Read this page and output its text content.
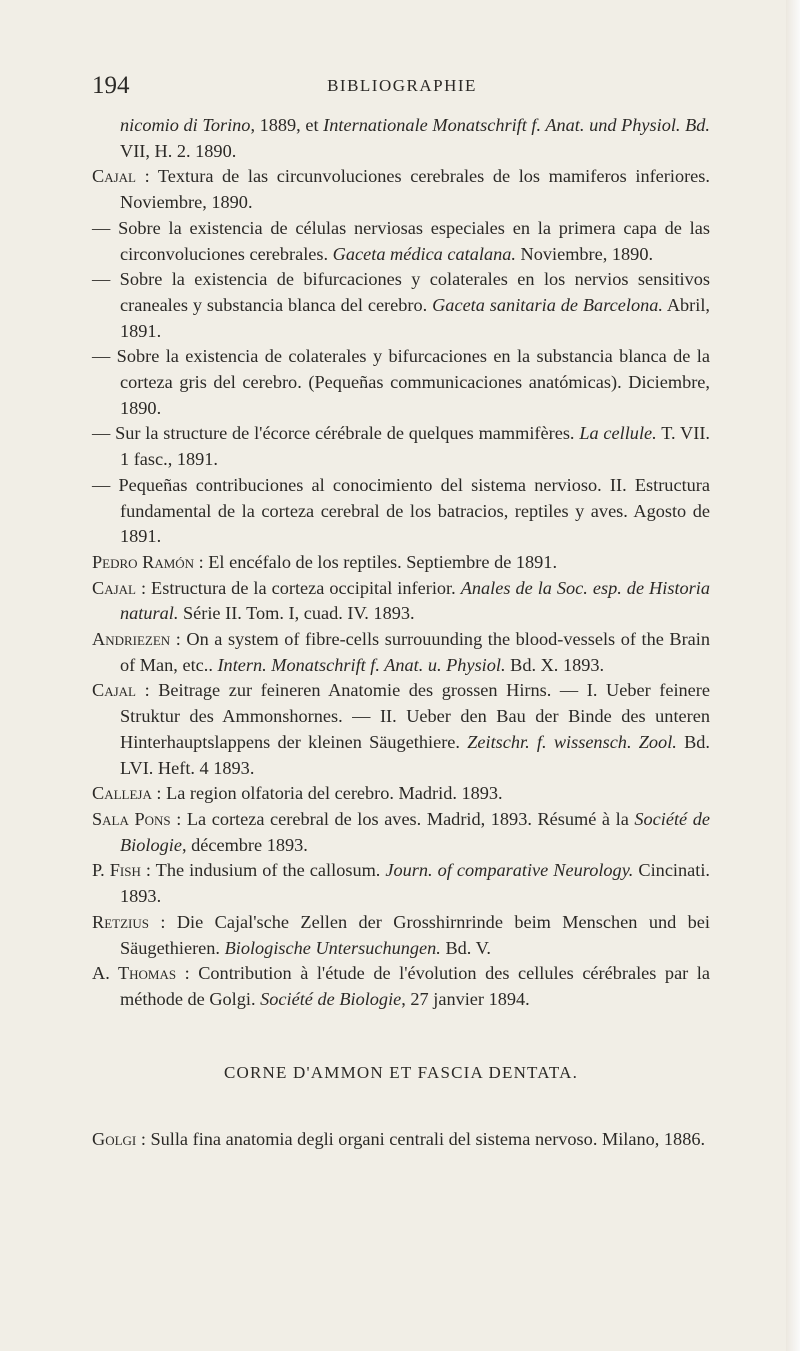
194	BIBLIOGRAPHIE
nicomio di Torino, 1889, et Internationale Monatschrift f. Anat. und Physiol. Bd. VII, H. 2. 1890.
Cajal : Textura de las circunvoluciones cerebrales de los mamiferos inferiores. Noviembre, 1890.
— Sobre la existencia de células nerviosas especiales en la primera capa de las circonvoluciones cerebrales. Gaceta médica catalana. Noviembre, 1890.
— Sobre la existencia de bifurcaciones y colaterales en los nervios sensitivos craneales y substancia blanca del cerebro. Gaceta sanitaria de Barcelona. Abril, 1891.
— Sobre la existencia de colaterales y bifurcaciones en la substancia blanca de la corteza gris del cerebro. (Pequeñas communicaciones anatómicas). Diciembre, 1890.
— Sur la structure de l'écorce cérébrale de quelques mammifères. La cellule. T. VII. 1 fasc., 1891.
— Pequeñas contribuciones al conocimiento del sistema nervioso. II. Estructura fundamental de la corteza cerebral de los batracios, reptiles y aves. Agosto de 1891.
Pedro Ramón : El encéfalo de los reptiles. Septiembre de 1891.
Cajal : Estructura de la corteza occipital inferior. Anales de la Soc. esp. de Historia natural. Série II. Tom. I, cuad. IV. 1893.
Andriezen : On a system of fibre-cells surrouunding the blood-vessels of the Brain of Man, etc.. Intern. Monatschrift f. Anat. u. Physiol. Bd. X. 1893.
Cajal : Beitrage zur feineren Anatomie des grossen Hirns. — I. Ueber feinere Struktur des Ammonshornes. — II. Ueber den Bau der Binde des unteren Hinterhauptslappens der kleinen Säugethiere. Zeitschr. f. wissensch. Zool. Bd. LVI. Heft. 4 1893.
Calleja : La region olfatoria del cerebro. Madrid. 1893.
Sala Pons : La corteza cerebral de los aves. Madrid, 1893. Résumé à la Société de Biologie, décembre 1893.
P. Fish : The indusium of the callosum. Journ. of comparative Neurology. Cincinati. 1893.
Retzius : Die Cajal'sche Zellen der Grosshirnrinde beim Menschen und bei Säugethieren. Biologische Untersuchungen. Bd. V.
A. Thomas : Contribution à l'étude de l'évolution des cellules cérébrales par la méthode de Golgi. Société de Biologie, 27 janvier 1894.
CORNE D'AMMON ET FASCIA DENTATA.
Golgi : Sulla fina anatomia degli organi centrali del sistema nervoso. Milano, 1886.
